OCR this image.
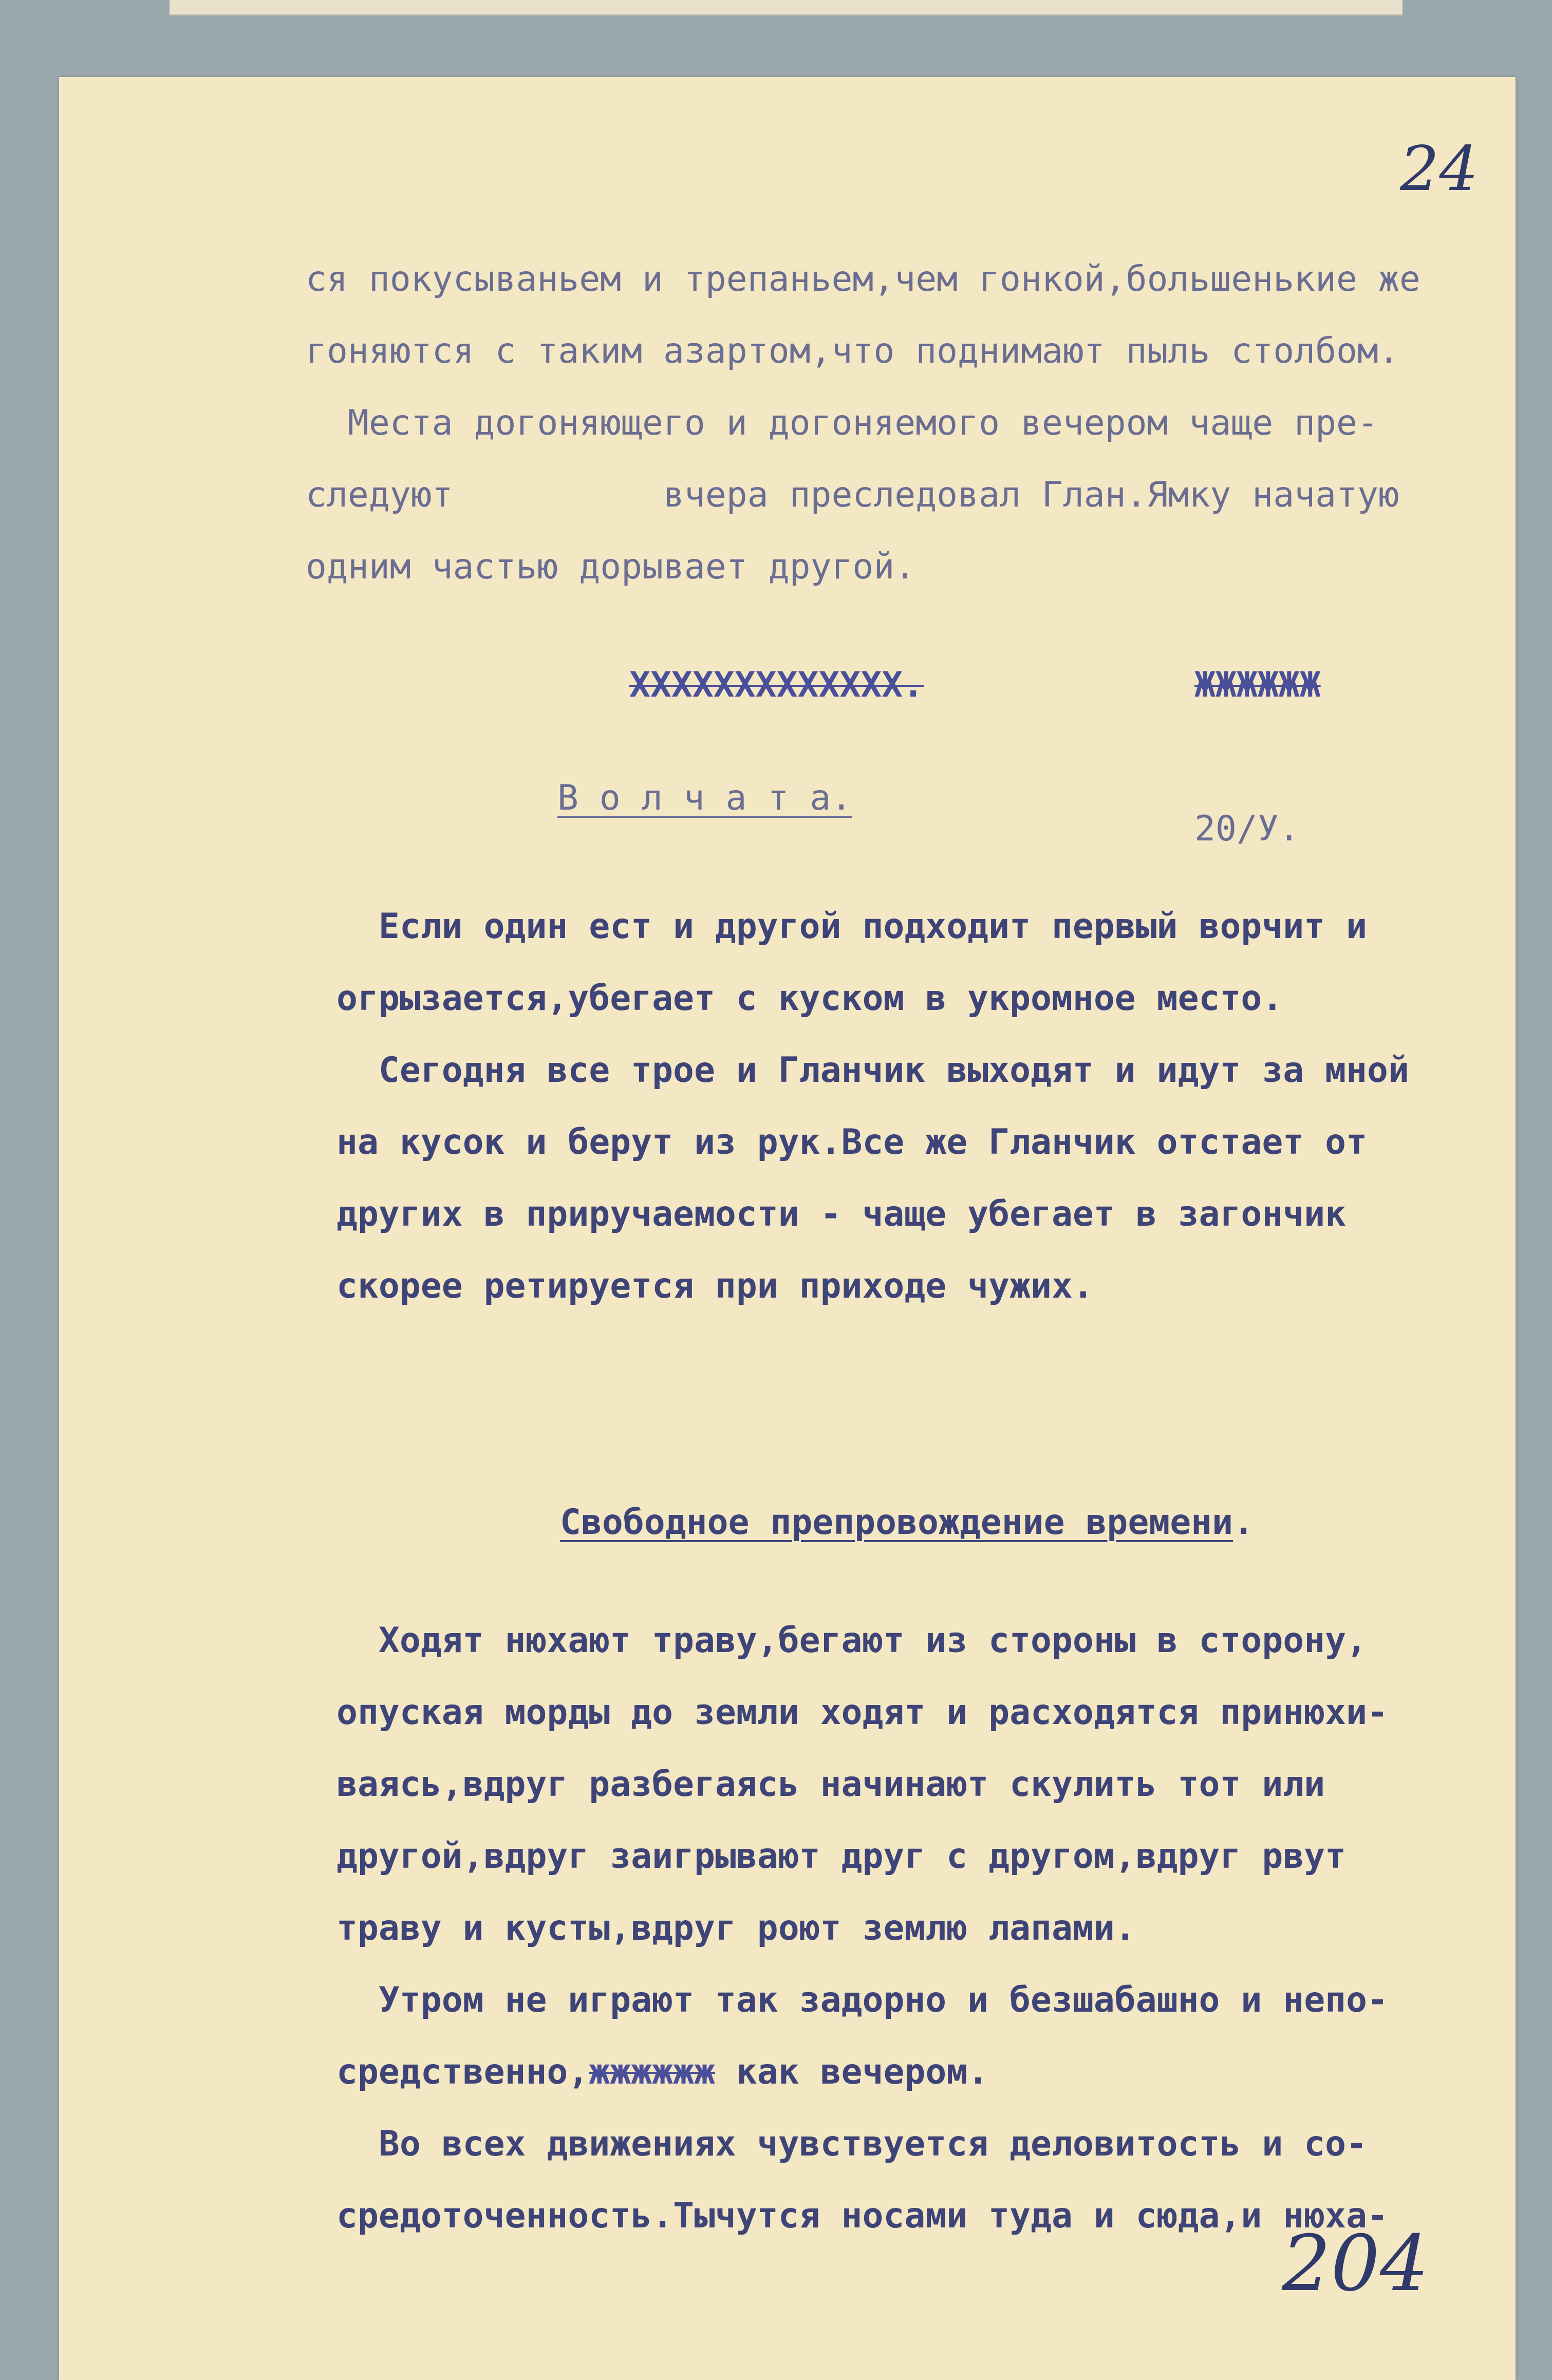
24
ся покусываньем и трепаньем,чем гонкой,большенькие же
гоняются с таким азартом,что поднимают пыль столбом.
Места догоняющего и догоняемого вечером чаще пре-
следуют          вчера преследовал Глан.Ямку начатую
одним частью дорывает другой.
ХХХХХХХХХХХХХ.	ЖЖЖЖЖЖ
В о л ч а т а.
20/У.
Если один ест и другой подходит первый ворчит и
огрызается,убегает с куском в укромное место.
Сегодня все трое и Гланчик выходят и идут за мной
на кусок и берут из рук.Все же Гланчик отстает от
других в приручаемости - чаще убегает в загончик
скорее ретируется при приходе чужих.
Свободное препровождение времени.
Ходят нюхают траву,бегают из стороны в сторону,
опуская морды до земли ходят и расходятся принюхи-
ваясь,вдруг разбегаясь начинают скулить тот или
другой,вдруг заигрывают друг с другом,вдруг рвут
траву и кусты,вдруг роют землю лапами.
Утром не играют так задорно и безшабашно и непо-
средственно,жжжжжж как вечером.
Во всех движениях чувствуется деловитость и со-
средоточенность.Тычутся носами туда и сюда,и нюха-
204
